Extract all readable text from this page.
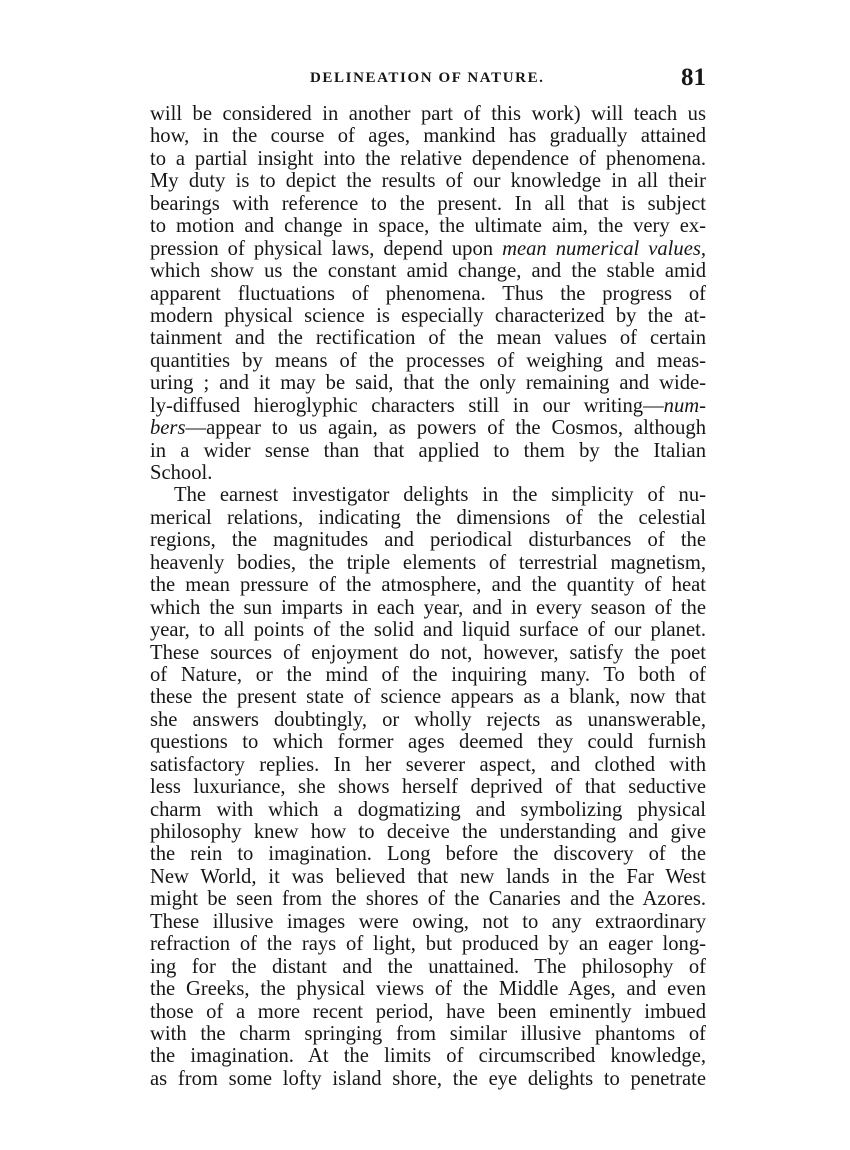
DELINEATION OF NATURE.	81
will be considered in another part of this work) will teach us
how, in the course of ages, mankind has gradually attained
to a partial insight into the relative dependence of phenomena.
My duty is to depict the results of our knowledge in all their
bearings with reference to the present. In all that is subject
to motion and change in space, the ultimate aim, the very ex-
pression of physical laws, depend upon mean numerical values,
which show us the constant amid change, and the stable amid
apparent fluctuations of phenomena. Thus the progress of
modern physical science is especially characterized by the at-
tainment and the rectification of the mean values of certain
quantities by means of the processes of weighing and meas-
uring ; and it may be said, that the only remaining and wide-
ly-diffused hieroglyphic characters still in our writing—num-
bers—appear to us again, as powers of the Cosmos, although
in a wider sense than that applied to them by the Italian
School.
The earnest investigator delights in the simplicity of nu-
merical relations, indicating the dimensions of the celestial
regions, the magnitudes and periodical disturbances of the
heavenly bodies, the triple elements of terrestrial magnetism,
the mean pressure of the atmosphere, and the quantity of heat
which the sun imparts in each year, and in every season of the
year, to all points of the solid and liquid surface of our planet.
These sources of enjoyment do not, however, satisfy the poet
of Nature, or the mind of the inquiring many. To both of
these the present state of science appears as a blank, now that
she answers doubtingly, or wholly rejects as unanswerable,
questions to which former ages deemed they could furnish
satisfactory replies. In her severer aspect, and clothed with
less luxuriance, she shows herself deprived of that seductive
charm with which a dogmatizing and symbolizing physical
philosophy knew how to deceive the understanding and give
the rein to imagination. Long before the discovery of the
New World, it was believed that new lands in the Far West
might be seen from the shores of the Canaries and the Azores.
These illusive images were owing, not to any extraordinary
refraction of the rays of light, but produced by an eager long-
ing for the distant and the unattained. The philosophy of
the Greeks, the physical views of the Middle Ages, and even
those of a more recent period, have been eminently imbued
with the charm springing from similar illusive phantoms of
the imagination. At the limits of circumscribed knowledge,
as from some lofty island shore, the eye delights to penetrate
